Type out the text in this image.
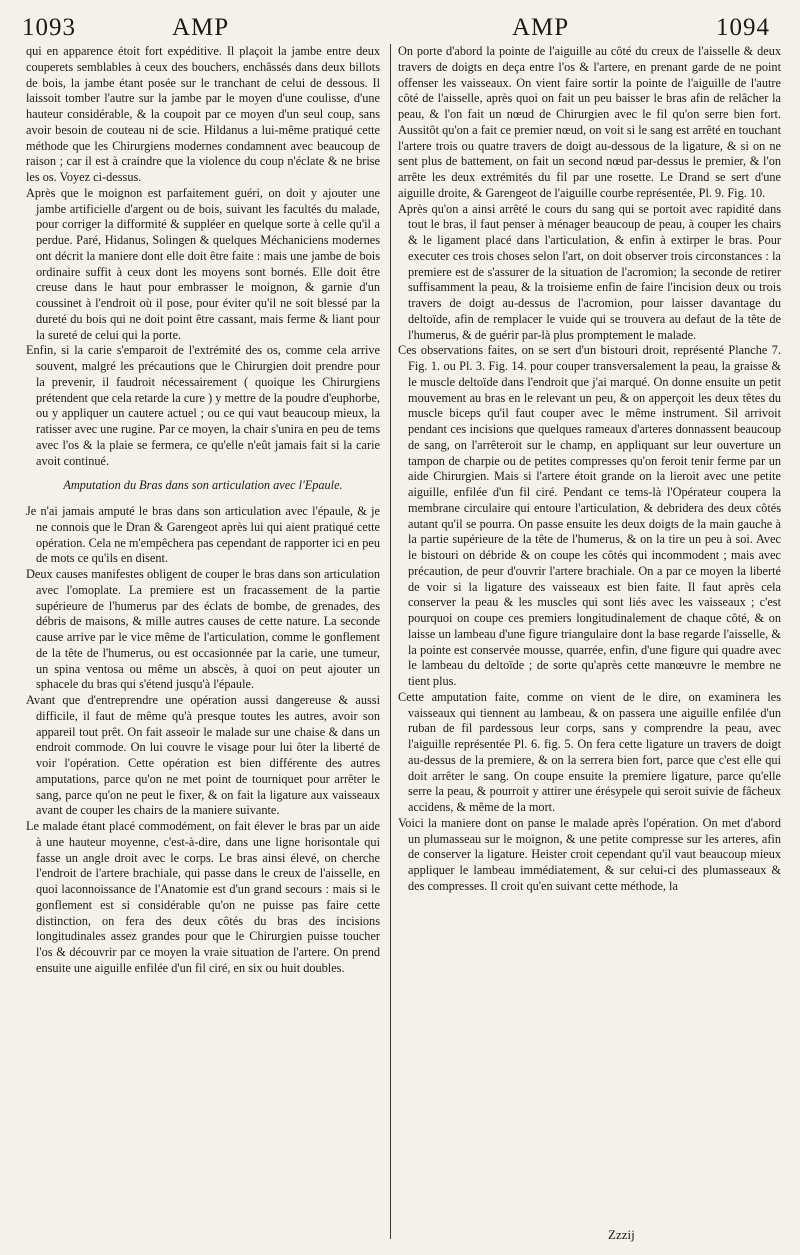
1093	AMP	AMP	1094

qui en apparence étoit fort expéditive. Il plaçoit la jambe entre deux couperets semblables à ceux des bouchers, enchâssés dans deux billots de bois, la jambe étant posée sur le tranchant de celui de dessous. Il laissoit tomber l'autre sur la jambe par le moyen d'une coulisse, d'une hauteur considérable, & la coupoit par ce moyen d'un seul coup, sans avoir besoin de couteau ni de scie. Hildanus a lui-même pratiqué cette méthode que les Chirurgiens modernes condamnent avec beaucoup de raison ; car il est à craindre que la violence du coup n'éclate & ne brise les os. Voyez ci-dessus.

Après que le moignon est parfaitement guéri, on doit y ajouter une jambe artificielle d'argent ou de bois, suivant les facultés du malade, pour corriger la difformité & suppléer en quelque sorte à celle qu'il a perdue. Paré, Hidanus, Solingen & quelques Méchaniciens modernes ont décrit la maniere dont elle doit être faite : mais une jambe de bois ordinaire suffit à ceux dont les moyens sont bornés. Elle doit être creuse dans le haut pour embrasser le moignon, & garnie d'un coussinet à l'endroit où il pose, pour éviter qu'il ne soit blessé par la dureté du bois qui ne doit point être cassant, mais ferme & liant pour la sureté de celui qui la porte.

Enfin, si la carie s'emparoit de l'extrémité des os, comme cela arrive souvent, malgré les précautions que le Chirurgien doit prendre pour la prevenir, il faudroit nécessairement ( quoique les Chirurgiens prétendent que cela retarde la cure ) y mettre de la poudre d'euphorbe, ou y appliquer un cautere actuel ; ou ce qui vaut beaucoup mieux, la ratisser avec une rugine. Par ce moyen, la chair s'unira en peu de tems avec l'os & la plaie se fermera, ce qu'elle n'eût jamais fait si la carie avoit continué.

Amputation du Bras dans son articulation avec l'Epaule.

Je n'ai jamais amputé le bras dans son articulation avec l'épaule, & je ne connois que le Dran & Garengeot après lui qui aient pratiqué cette opération. Cela ne m'empêchera pas cependant de rapporter ici en peu de mots ce qu'ils en disent.

Deux causes manifestes obligent de couper le bras dans son articulation avec l'omoplate. La premiere est un fracassement de la partie supérieure de l'humerus par des éclats de bombe, de grenades, des débris de maisons, & mille autres causes de cette nature. La seconde cause arrive par le vice même de l'articulation, comme le gonflement de la tête de l'humerus, ou est occasionnée par la carie, une tumeur, un spina ventosa ou même un abscès, à quoi on peut ajouter un sphacele du bras qui s'étend jusqu'à l'épaule.

Avant que d'entreprendre une opération aussi dangereuse & aussi difficile, il faut de même qu'à presque toutes les autres, avoir son appareil tout prêt. On fait asseoir le malade sur une chaise & dans un endroit commode. On lui couvre le visage pour lui ôter la liberté de voir l'opération. Cette opération est bien différente des autres amputations, parce qu'on ne met point de tourniquet pour arrêter le sang, parce qu'on ne peut le fixer, & on fait la ligature aux vaisseaux avant de couper les chairs de la maniere suivante.

Le malade étant placé commodément, on fait élever le bras par un aide à une hauteur moyenne, c'est-à-dire, dans une ligne horisontale qui fasse un angle droit avec le corps. Le bras ainsi élevé, on cherche l'endroit de l'artere brachiale, qui passe dans le creux de l'aisselle, en quoi laconnoissance de l'Anatomie est d'un grand secours : mais si le gonflement est si considérable qu'on ne puisse pas faire cette distinction, on fera des deux côtés du bras des incisions longitudinales assez grandes pour que le Chirurgien puisse toucher l'os & découvrir par ce moyen la vraie situation de l'artere. On prend ensuite une aiguille enfilée d'un fil ciré, en six ou huit doubles.

On porte d'abord la pointe de l'aiguille au côté du creux de l'aisselle & deux travers de doigts en deça entre l'os & l'artere, en prenant garde de ne point offenser les vaisseaux. On vient faire sortir la pointe de l'aiguille de l'autre côté de l'aisselle, après quoi on fait un peu baisser le bras afin de relâcher la peau, & l'on fait un nœud de Chirurgien avec le fil qu'on serre bien fort. Aussitôt qu'on a fait ce premier nœud, on voit si le sang est arrêté en touchant l'artere trois ou quatre travers de doigt au-dessous de la ligature, & si on ne sent plus de battement, on fait un second nœud par-dessus le premier, & l'on arrête les deux extrémités du fil par une rosette. Le Drand se sert d'une aiguille droite, & Garengeot de l'aiguille courbe représentée, Pl. 9. Fig. 10.

Après qu'on a ainsi arrêté le cours du sang qui se portoit avec rapidité dans tout le bras, il faut penser à ménager beaucoup de peau, à couper les chairs & le ligament placé dans l'articulation, & enfin à extirper le bras. Pour executer ces trois choses selon l'art, on doit observer trois circonstances : la premiere est de s'assurer de la situation de l'acromion; la seconde de retirer suffisamment la peau, & la troisieme enfin de faire l'incision deux ou trois travers de doigt au-dessus de l'acromion, pour laisser davantage du deltoïde, afin de remplacer le vuide qui se trouvera au defaut de la tête de l'humerus, & de guérir par-là plus promptement le malade.

Ces observations faites, on se sert d'un bistouri droit, représenté Planche 7. Fig. 1. ou Pl. 3. Fig. 14. pour couper transversalement la peau, la graisse & le muscle deltoïde dans l'endroit que j'ai marqué. On donne ensuite un petit mouvement au bras en le relevant un peu, & on apperçoit les deux têtes du muscle biceps qu'il faut couper avec le même instrument. Sil arrivoit pendant ces incisions que quelques rameaux d'arteres donnassent beaucoup de sang, on l'arrêteroit sur le champ, en appliquant sur leur ouverture un tampon de charpie ou de petites compresses qu'on feroit tenir ferme par un aide Chirurgien. Mais si l'artere étoit grande on la lieroit avec une petite aiguille, enfilée d'un fil ciré. Pendant ce tems-là l'Opérateur coupera la membrane circulaire qui entoure l'articulation, & debridera des deux côtés autant qu'il se pourra. On passe ensuite les deux doigts de la main gauche à la partie supérieure de la tête de l'humerus, & on la tire un peu à soi. Avec le bistouri on débride & on coupe les côtés qui incommodent ; mais avec précaution, de peur d'ouvrir l'artere brachiale. On a par ce moyen la liberté de voir si la ligature des vaisseaux est bien faite. Il faut après cela conserver la peau & les muscles qui sont liés avec les vaisseaux ; c'est pourquoi on coupe ces premiers longitudinalement de chaque côté, & on laisse un lambeau d'une figure triangulaire dont la base regarde l'aisselle, & la pointe est conservée mousse, quarrée, enfin, d'une figure qui quadre avec le lambeau du deltoïde ; de sorte qu'après cette manœuvre le membre ne tient plus.

Cette amputation faite, comme on vient de le dire, on examinera les vaisseaux qui tiennent au lambeau, & on passera une aiguille enfilée d'un ruban de fil pardessous leur corps, sans y comprendre la peau, avec l'aiguille représentée Pl. 6. fig. 5. On fera cette ligature un travers de doigt au-dessus de la premiere, & on la serrera bien fort, parce que c'est elle qui doit arrêter le sang. On coupe ensuite la premiere ligature, parce qu'elle serre la peau, & pourroit y attirer une érésypele qui seroit suivie de fâcheux accidens, & même de la mort.

Voici la maniere dont on panse le malade après l'opération. On met d'abord un plumasseau sur le moignon, & une petite compresse sur les arteres, afin de conserver la ligature. Heister croit cependant qu'il vaut beaucoup mieux appliquer le lambeau immédiatement, & sur celui-ci des plumasseaux & des compresses. Il croit qu'en suivant cette méthode, la

Zzzij
